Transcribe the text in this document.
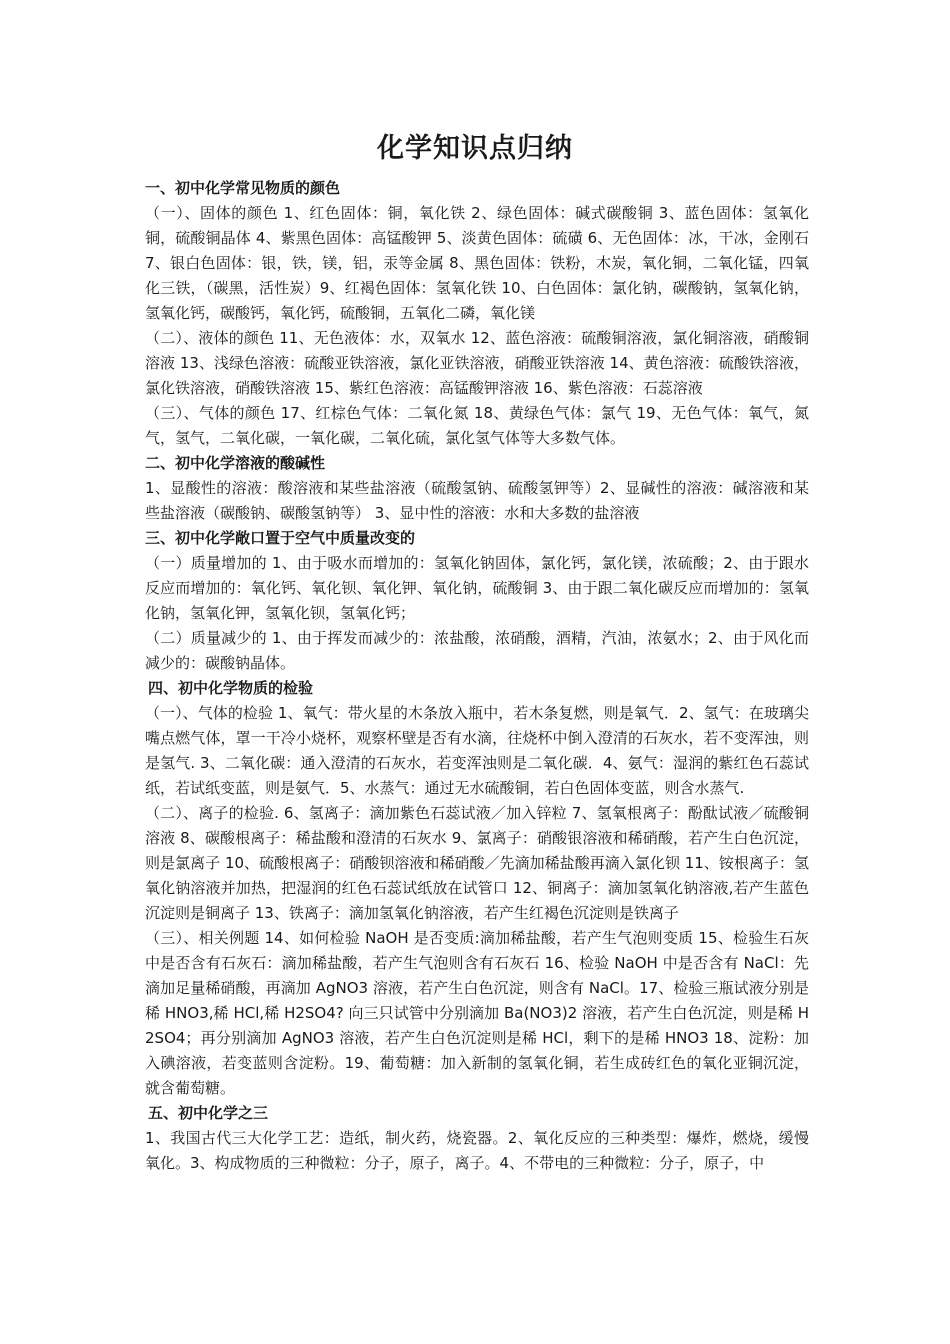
化学知识点归纳
一、初中化学常见物质的颜色

（一）、固体的颜色 1、红色固体：铜，氧化铁 2、绿色固体：碱式碳酸铜 3、蓝色固体：氢氧化铜，硫酸铜晶体 4、紫黑色固体：高锰酸钾 5、淡黄色固体：硫磺 6、无色固体：冰，干冰，金刚石 7、银白色固体：银，铁，镁，铝，汞等金属 8、黑色固体：铁粉，木炭，氧化铜，二氧化锰，四氧化三铁，（碳黑，活性炭）9、红褐色固体：氢氧化铁 10、白色固体：氯化钠，碳酸钠，氢氧化钠，氢氧化钙，碳酸钙，氧化钙，硫酸铜，五氧化二磷，氧化镁

（二）、液体的颜色 11、无色液体：水，双氧水 12、蓝色溶液：硫酸铜溶液，氯化铜溶液，硝酸铜溶液 13、浅绿色溶液：硫酸亚铁溶液，氯化亚铁溶液，硝酸亚铁溶液 14、黄色溶液：硫酸铁溶液，氯化铁溶液，硝酸铁溶液 15、紫红色溶液：高锰酸钾溶液 16、紫色溶液：石蕊溶液

（三）、气体的颜色 17、红棕色气体：二氧化氮 18、黄绿色气体：氯气 19、无色气体：氧气，氮气，氢气，二氧化碳，一氧化碳，二氧化硫，氯化氢气体等大多数气体。

二、初中化学溶液的酸碱性

1、显酸性的溶液：酸溶液和某些盐溶液（硫酸氢钠、硫酸氢钾等）2、显碱性的溶液：碱溶液和某些盐溶液（碳酸钠、碳酸氢钠等） 3、显中性的溶液：水和大多数的盐溶液

三、初中化学敞口置于空气中质量改变的

（一）质量增加的 1、由于吸水而增加的：氢氧化钠固体，氯化钙，氯化镁，浓硫酸；2、由于跟水反应而增加的：氧化钙、氧化钡、氧化钾、氧化钠，硫酸铜 3、由于跟二氧化碳反应而增加的：氢氧化钠，氢氧化钾，氢氧化钡，氢氧化钙；

（二）质量减少的 1、由于挥发而减少的：浓盐酸，浓硝酸，酒精，汽油，浓氨水；2、由于风化而减少的：碳酸钠晶体。

四、初中化学物质的检验

（一）、气体的检验 1、氧气：带火星的木条放入瓶中，若木条复燃，则是氧气．2、氢气：在玻璃尖嘴点燃气体，罩一干冷小烧杯，观察杯壁是否有水滴，往烧杯中倒入澄清的石灰水，若不变浑浊，则是氢气. 3、二氧化碳：通入澄清的石灰水，若变浑浊则是二氧化碳．4、氨气：湿润的紫红色石蕊试纸，若试纸变蓝，则是氨气．5、水蒸气：通过无水硫酸铜，若白色固体变蓝，则含水蒸气.

（二）、离子的检验. 6、氢离子：滴加紫色石蕊试液／加入锌粒 7、氢氧根离子：酚酞试液／硫酸铜溶液 8、碳酸根离子：稀盐酸和澄清的石灰水 9、氯离子：硝酸银溶液和稀硝酸，若产生白色沉淀，则是氯离子 10、硫酸根离子：硝酸钡溶液和稀硝酸／先滴加稀盐酸再滴入氯化钡 11、铵根离子：氢氧化钠溶液并加热，把湿润的红色石蕊试纸放在试管口 12、铜离子：滴加氢氧化钠溶液,若产生蓝色沉淀则是铜离子 13、铁离子：滴加氢氧化钠溶液，若产生红褐色沉淀则是铁离子

（三）、相关例题 14、如何检验 NaOH 是否变质:滴加稀盐酸，若产生气泡则变质 15、检验生石灰中是否含有石灰石：滴加稀盐酸，若产生气泡则含有石灰石 16、检验 NaOH 中是否含有 NaCl：先滴加足量稀硝酸，再滴加 AgNO3 溶液，若产生白色沉淀，则含有 NaCl。17、检验三瓶试液分别是稀 HNO3,稀 HCl,稀 H2SO4? 向三只试管中分别滴加 Ba(NO3)2 溶液，若产生白色沉淀，则是稀 H2SO4；再分别滴加 AgNO3 溶液，若产生白色沉淀则是稀 HCl，剩下的是稀 HNO3 18、淀粉：加入碘溶液，若变蓝则含淀粉。19、葡萄糖：加入新制的氢氧化铜，若生成砖红色的氧化亚铜沉淀，就含葡萄糖。

五、初中化学之三

1、我国古代三大化学工艺：造纸，制火药，烧瓷器。2、氧化反应的三种类型：爆炸，燃烧，缓慢氧化。3、构成物质的三种微粒：分子，原子，离子。4、不带电的三种微粒：分子，原子，中
